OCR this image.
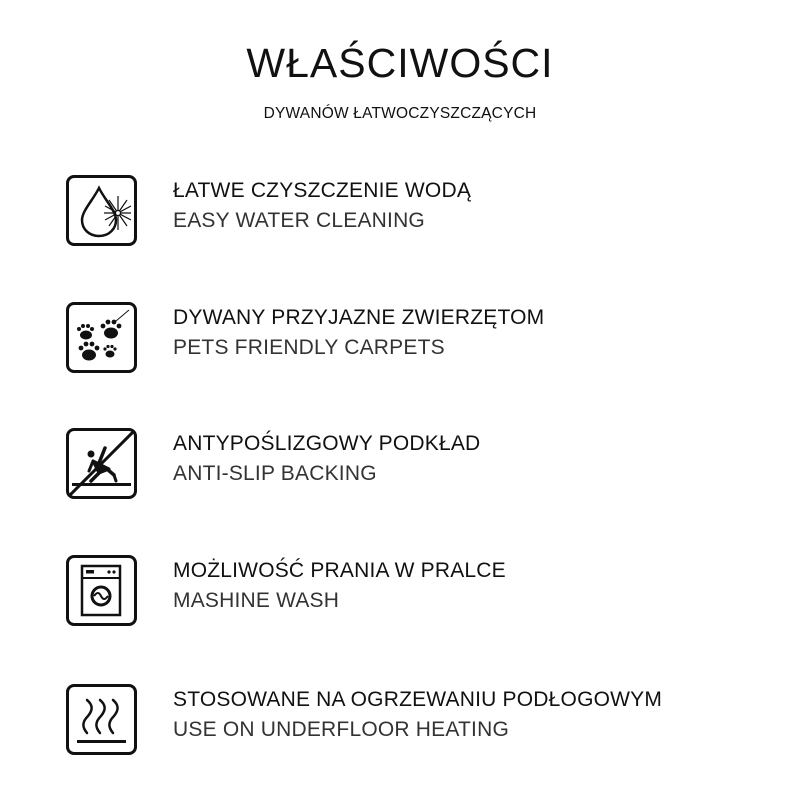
WŁAŚCIWOŚCI
DYWANÓW ŁATWOCZYSZCZĄCYCH
ŁATWE CZYSZCZENIE WODĄ
EASY WATER CLEANING
DYWANY PRZYJAZNE ZWIERZĘTOM
PETS FRIENDLY CARPETS
ANTYPOŚLIZGOWY PODKŁAD
ANTI-SLIP BACKING
MOŻLIWOŚĆ PRANIA W PRALCE
MASHINE WASH
STOSOWANE NA OGRZEWANIU PODŁOGOWYM
USE ON UNDERFLOOR HEATING
